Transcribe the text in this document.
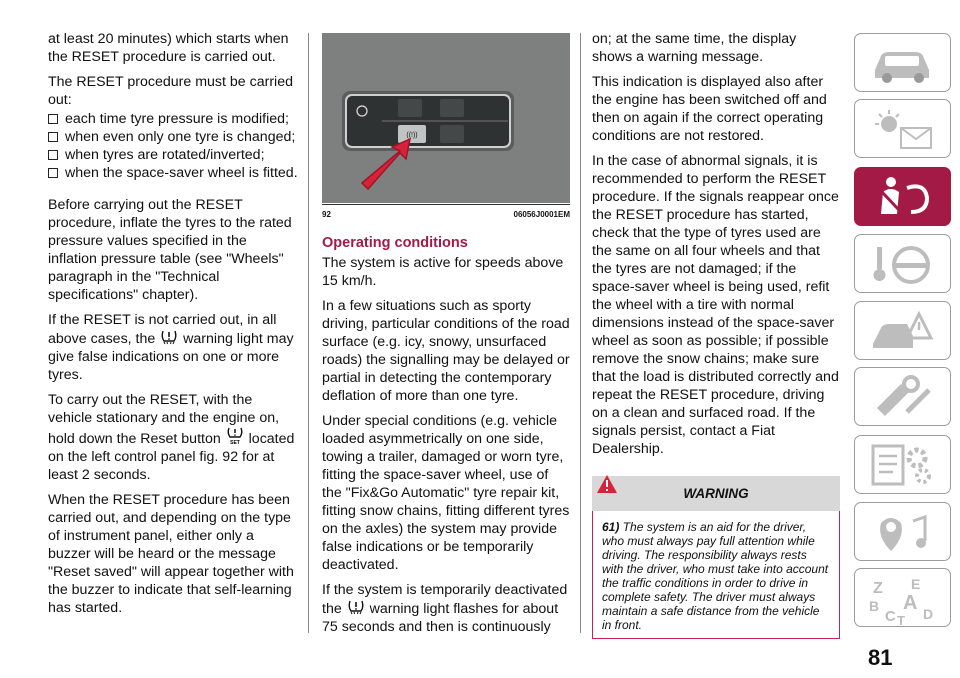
at least 20 minutes) which starts when the RESET procedure is carried out.

The RESET procedure must be carried out:

each time tyre pressure is modified;
when even only one tyre is changed;
when tyres are rotated/inverted;
when the space-saver wheel is fitted.

Before carrying out the RESET procedure, inflate the tyres to the rated pressure values specified in the inflation pressure table (see "Wheels" paragraph in the "Technical specifications" chapter).

If the RESET is not carried out, in all above cases, the warning light may give false indications on one or more tyres.

To carry out the RESET, with the vehicle stationary and the engine on, hold down the Reset button SET located on the left control panel fig. 92 for at least 2 seconds.

When the RESET procedure has been carried out, and depending on the type of instrument panel, either only a buzzer will be heard or the message "Reset saved" will appear together with the buzzer to indicate that self-learning has started.

((!))
92	06056J0001EM
Operating conditions

The system is active for speeds above 15 km/h.

In a few situations such as sporty driving, particular conditions of the road surface (e.g. icy, snowy, unsurfaced roads) the signalling may be delayed or partial in detecting the contemporary deflation of more than one tyre.

Under special conditions (e.g. vehicle loaded asymmetrically on one side, towing a trailer, damaged or worn tyre, fitting the space-saver wheel, use of the "Fix&Go Automatic" tyre repair kit, fitting snow chains, fitting different tyres on the axles) the system may provide false indications or be temporarily deactivated.

If the system is temporarily deactivated the warning light flashes for about 75 seconds and then is continuously

on; at the same time, the display shows a warning message.

This indication is displayed also after the engine has been switched off and then on again if the correct operating conditions are not restored.

In the case of abnormal signals, it is recommended to perform the RESET procedure. If the signals reappear once the RESET procedure has started, check that the type of tyres used are the same on all four wheels and that the tyres are not damaged; if the space-saver wheel is being used, refit the wheel with a tire with normal dimensions instead of the space-saver wheel as soon as possible; if possible remove the snow chains; make sure that the load is distributed correctly and repeat the RESET procedure, driving on a clean and surfaced road. If the signals persist, contact a Fiat Dealership.

WARNING
61) The system is an aid for the driver, who must always pay full attention while driving. The responsibility always rests with the driver, who must take into account the traffic conditions in order to drive in complete safety. The driver must always maintain a safe distance from the vehicle in front.
Z E
B A
C T D
81
